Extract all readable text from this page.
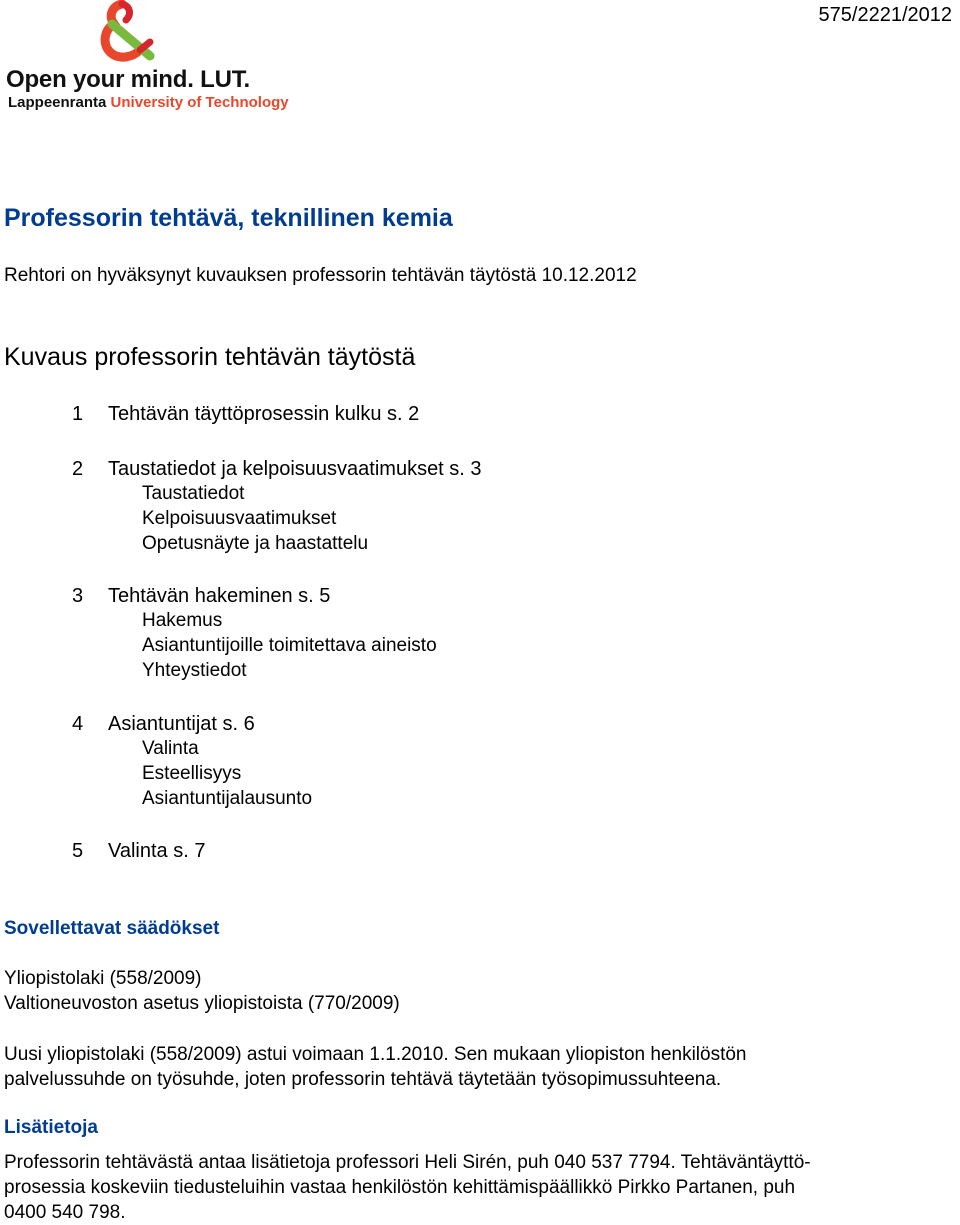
Open your mind. LUT.
Lappeenranta University of Technology
575/2221/2012
Professorin tehtävä, teknillinen kemia
Rehtori on hyväksynyt kuvauksen professorin tehtävän täytöstä 10.12.2012
Kuvaus professorin tehtävän täytöstä
1	Tehtävän täyttöprosessin kulku s. 2
2	Taustatiedot ja kelpoisuusvaatimukset s. 3
Taustatiedot
Kelpoisuusvaatimukset
Opetusnäyte ja haastattelu
3	Tehtävän hakeminen s. 5
Hakemus
Asiantuntijoille toimitettava aineisto
Yhteystiedot
4	Asiantuntijat s. 6
Valinta
Esteellisyys
Asiantuntijalausunto
5	Valinta s. 7
Sovellettavat säädökset
Yliopistolaki (558/2009)
Valtioneuvoston asetus yliopistoista (770/2009)
Uusi yliopistolaki (558/2009) astui voimaan 1.1.2010. Sen mukaan yliopiston henkilöstön
palvelussuhde on työsuhde, joten professorin tehtävä täytetään työsopimussuhteena.
Lisätietoja
Professorin tehtävästä antaa lisätietoja professori Heli Sirén, puh 040 537 7794. Tehtäväntäyttö-
prosessia koskeviin tiedusteluihin vastaa henkilöstön kehittämispäällikkö Pirkko Partanen, puh
0400 540 798.
